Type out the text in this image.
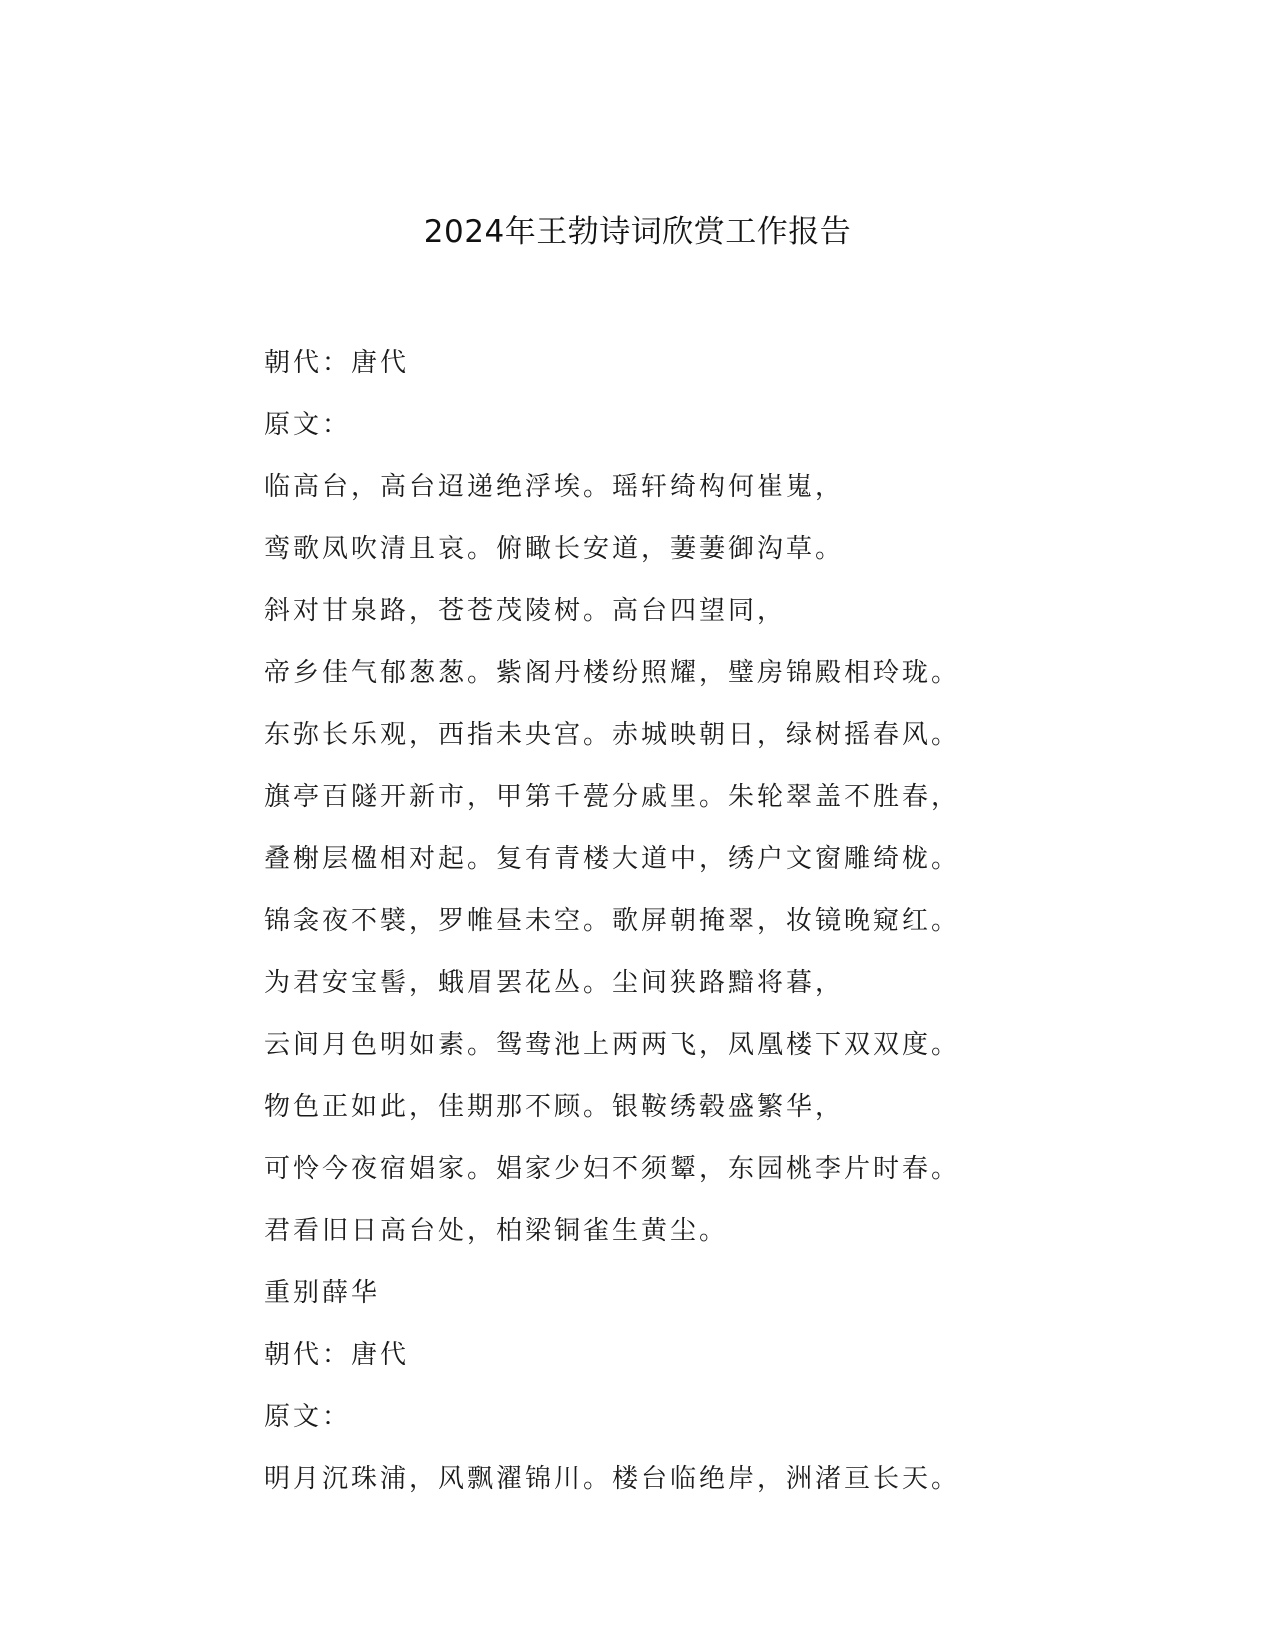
2024年王勃诗词欣赏工作报告
朝代：唐代
原文：
临高台，高台迢递绝浮埃。瑶轩绮构何崔嵬，
鸾歌凤吹清且哀。俯瞰长安道，萋萋御沟草。
斜对甘泉路，苍苍茂陵树。高台四望同，
帝乡佳气郁葱葱。紫阁丹楼纷照耀，璧房锦殿相玲珑。
东弥长乐观，西指未央宫。赤城映朝日，绿树摇春风。
旗亭百隧开新市，甲第千甍分戚里。朱轮翠盖不胜春，
叠榭层楹相对起。复有青楼大道中，绣户文窗雕绮栊。
锦衾夜不襞，罗帷昼未空。歌屏朝掩翠，妆镜晚窥红。
为君安宝髻，蛾眉罢花丛。尘间狭路黯将暮，
云间月色明如素。鸳鸯池上两两飞，凤凰楼下双双度。
物色正如此，佳期那不顾。银鞍绣毂盛繁华，
可怜今夜宿娼家。娼家少妇不须颦，东园桃李片时春。
君看旧日高台处，柏梁铜雀生黄尘。
重别薛华
朝代：唐代
原文：
明月沉珠浦，风飘濯锦川。楼台临绝岸，洲渚亘长天。
